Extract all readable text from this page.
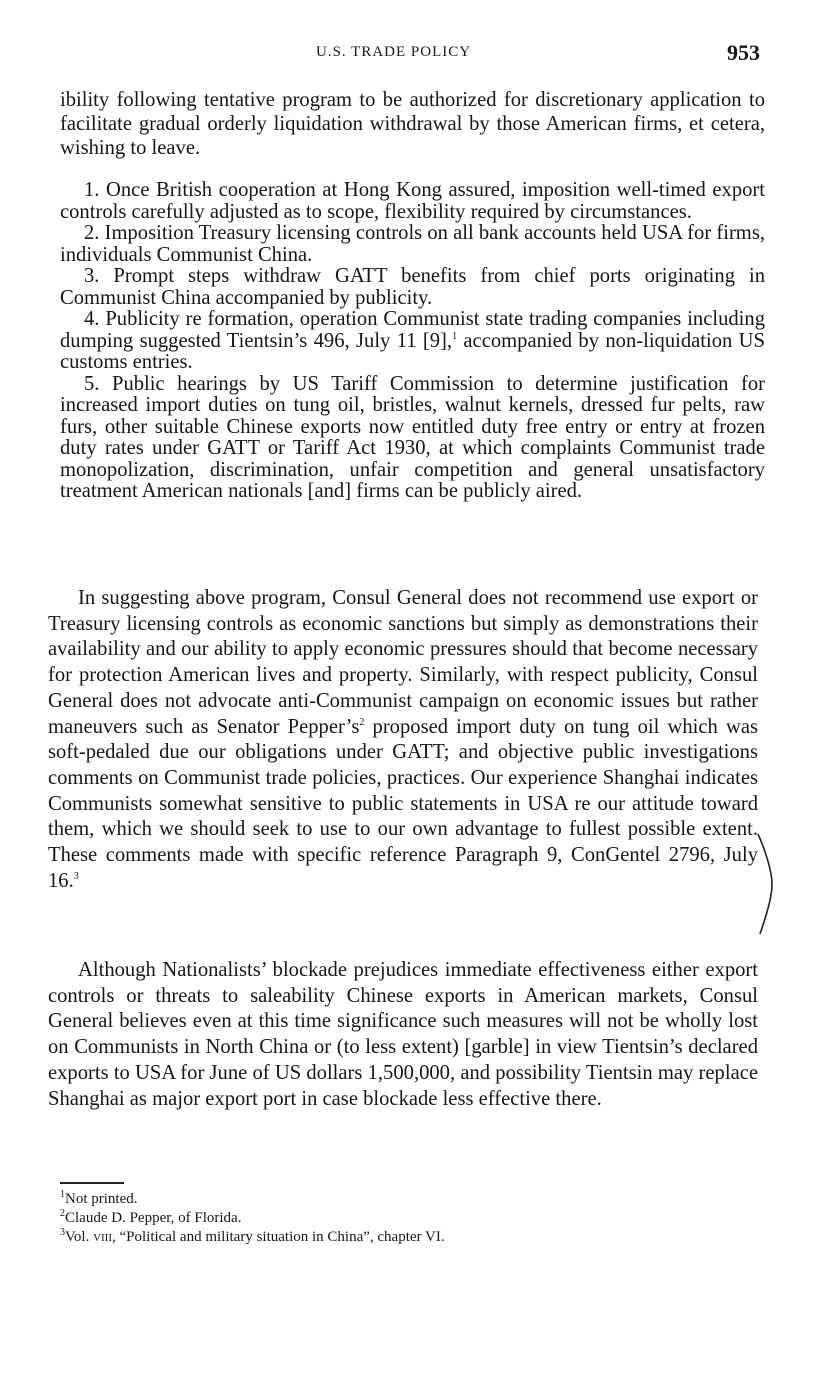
U.S. TRADE POLICY	953

ibility following tentative program to be authorized for discretionary application to facilitate gradual orderly liquidation withdrawal by those American firms, et cetera, wishing to leave.

1. Once British cooperation at Hong Kong assured, imposition well-timed export controls carefully adjusted as to scope, flexibility required by circumstances.

2. Imposition Treasury licensing controls on all bank accounts held USA for firms, individuals Communist China.

3. Prompt steps withdraw GATT benefits from chief ports originating in Communist China accompanied by publicity.

4. Publicity re formation, operation Communist state trading companies including dumping suggested Tientsin’s 496, July 11 [9],$^1$ accompanied by non-liquidation US customs entries.

5. Public hearings by US Tariff Commission to determine justification for increased import duties on tung oil, bristles, walnut kernels, dressed fur pelts, raw furs, other suitable Chinese exports now entitled duty free entry or entry at frozen duty rates under GATT or Tariff Act 1930, at which complaints Communist trade monopolization, discrimination, unfair competition and general unsatisfactory treatment American nationals [and] firms can be publicly aired.

In suggesting above program, Consul General does not recommend use export or Treasury licensing controls as economic sanctions but simply as demonstrations their availability and our ability to apply economic pressures should that become necessary for protection American lives and property. Similarly, with respect publicity, Consul General does not advocate anti-Communist campaign on economic issues but rather maneuvers such as Senator $Pepper’s^2$ proposed import duty on tung oil which was soft-pedaled due our obligations under GATT; and objective public investigations comments on Communist trade policies, practices. Our experience Shanghai indicates Communists somewhat sensitive to public statements in USA re our attitude toward them, which we should seek to use to our own advantage to fullest possible extent. These comments made with specific reference Paragraph 9, ConGentel 2796, July 16.$^3$
Although Nationalists’ blockade prejudices immediate effectiveness either export controls or threats to saleability Chinese exports in American markets, Consul General believes even at this time significance such measures will not be wholly lost on Communists in North China or (to less extent) [garble] in view Tientsin’s declared exports to USA for June of US dollars 1,500,000, and possibility Tientsin may replace Shanghai as major export port in case blockade less effective there.

$^1$Not printed.

$^2$Claude D. Pepper, of Florida.

$^3$Vol. viii, “Political and military situation in China”, chapter VI.
